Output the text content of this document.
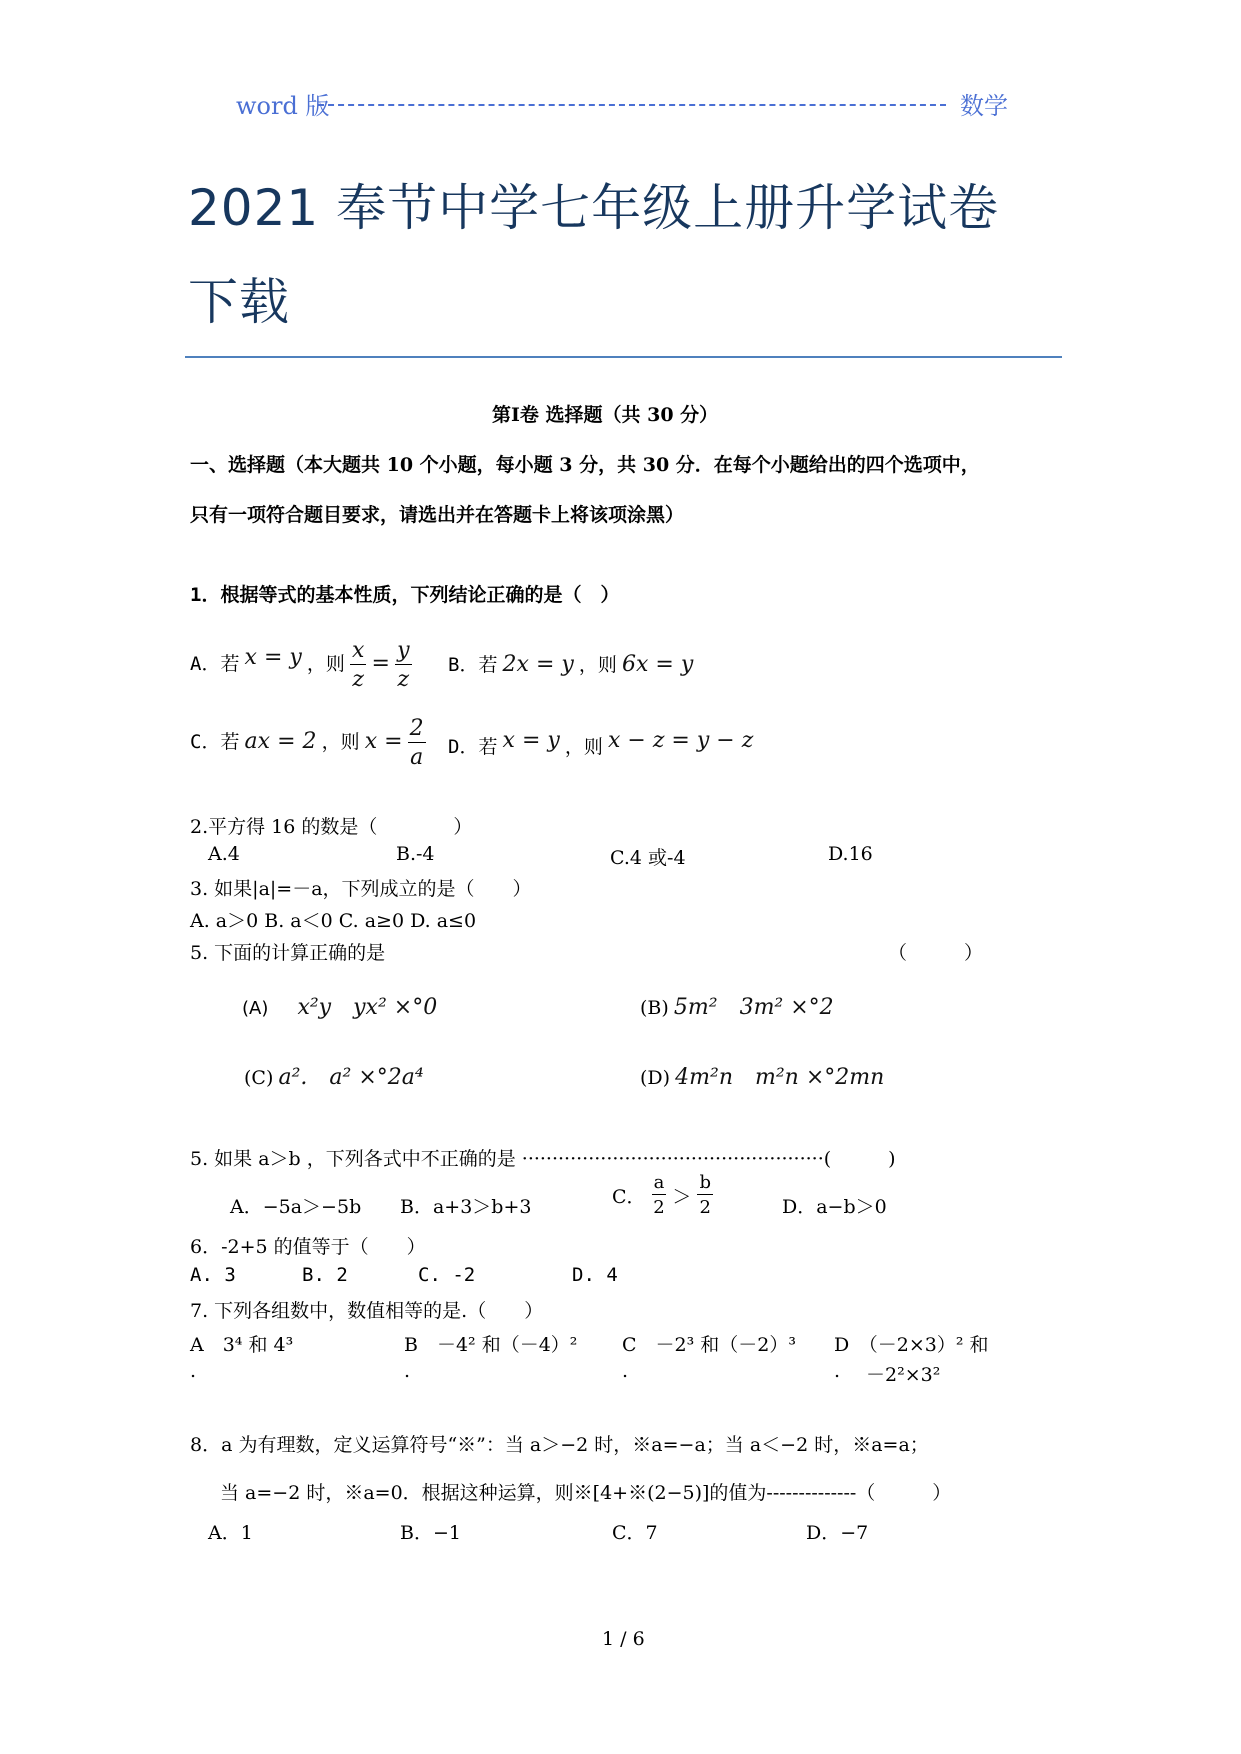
word 版	数学
2021 奉节中学七年级上册升学试卷
下载
第Ⅰ卷 选择题（共 30 分）
一、选择题（本大题共 10 个小题，每小题 3 分，共 30 分．在每个小题给出的四个选项中，
只有一项符合题目要求，请选出并在答题卡上将该项涂黑）
1．根据等式的基本性质，下列结论正确的是（　）
A．若 x = y ，则 $\frac{x}{z} = \frac{y}{z}$ B．若 2x = y ，则 6x = y
C．若 ax = 2 ，则 $x = \frac{2}{a}$ D．若 x = y ，则 x − z = y − z
2.平方得 16 的数是（　　　　）
A.4	B.-4	C.4 或-4	D.16
3. 如果|a|=－a，下列成立的是（　　）
A. a＞0 B. a＜0 C. a≥0 D. a≤0
5. 下面的计算正确的是	（　　　）
(A) x²y　yx² ×°0	(B) 5m²　3m² ×°2
(C) a².　a² ×°2a⁴	(D) 4m²n　m²n ×°2mn
5. 如果 a＞b ，下列各式中不正确的是 ··················································(　　　)
A．−5a＞−5b B．a+3＞b+3	C． $\frac{a}{2} > \frac{b}{2}$	D．a−b＞0
6．-2+5 的值等于（　　）
A. 3	B. 2	C. -2	D. 4
7. 下列各组数中，数值相等的是.（　　）
A　3⁴ 和 4³	B　－4² 和（－4）² C　－2³ 和（－2）³ D　（－2×3）² 和
.	.	.	. －2²×3²
8．a 为有理数，定义运算符号“※”：当 a＞−2 时，※a=−a；当 a＜−2 时，※a=a；
当 a=−2 时，※a=0．根据这种运算，则※[4+※(2−5)]的值为--------------（　　　）
A．1	B．−1	C．7	D．−7
1 / 6
